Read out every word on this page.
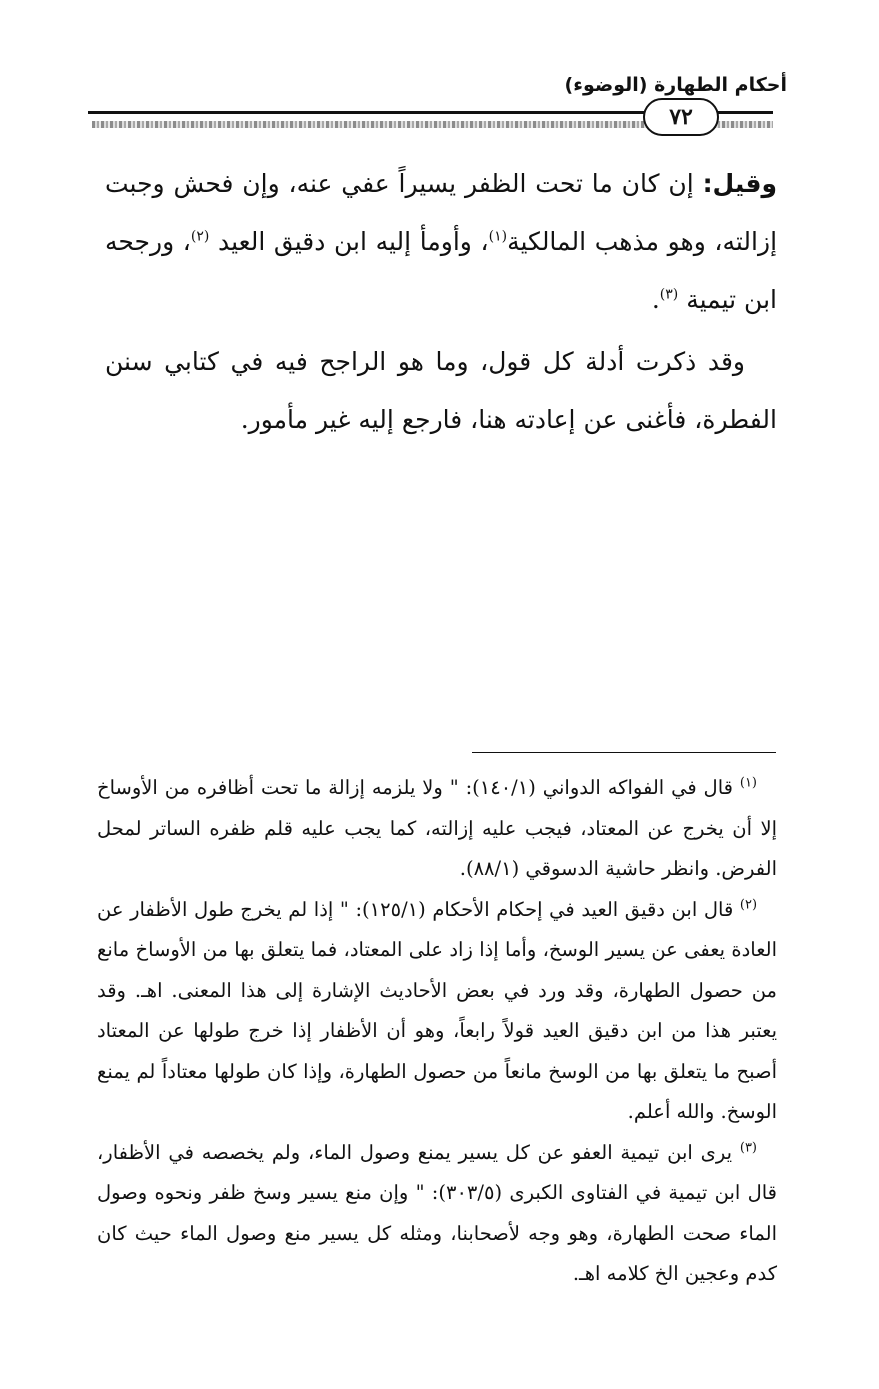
أحكام الطهارة (الوضوء)
٧٢

وقيل: إن كان ما تحت الظفر يسيراً عفي عنه، وإن فحش وجبت إزالته، وهو مذهب المالكية$^{(١)}$، وأومأ إليه ابن دقيق العيد $^{(٢)}$، ورجحه ابن تيمية $^{(٣)}$.

وقد ذكرت أدلة كل قول، وما هو الراجح فيه في كتابي سنن الفطرة، فأغنى عن إعادته هنا، فارجع إليه غير مأمور.

$^{(١)}$ قال في الفواكه الدواني (١٤٠/١): " ولا يلزمه إزالة ما تحت أظافره من الأوساخ إلا أن يخرج عن المعتاد، فيجب عليه إزالته، كما يجب عليه قلم ظفره الساتر لمحل الفرض. وانظر حاشية الدسوقي (٨٨/١).

$^{(٢)}$ قال ابن دقيق العيد في إحكام الأحكام (١٢٥/١): " إذا لم يخرج طول الأظفار عن العادة يعفى عن يسير الوسخ، وأما إذا زاد على المعتاد، فما يتعلق بها من الأوساخ مانع من حصول الطهارة، وقد ورد في بعض الأحاديث الإشارة إلى هذا المعنى. اهـ. وقد يعتبر هذا من ابن دقيق العيد قولاً رابعاً، وهو أن الأظفار إذا خرج طولها عن المعتاد أصبح ما يتعلق بها من الوسخ مانعاً من حصول الطهارة، وإذا كان طولها معتاداً لم يمنع الوسخ. والله أعلم.

$^{(٣)}$ يرى ابن تيمية العفو عن كل يسير يمنع وصول الماء، ولم يخصصه في الأظفار، قال ابن تيمية في الفتاوى الكبرى (٣٠٣/٥): " وإن منع يسير وسخ ظفر ونحوه وصول الماء صحت الطهارة، وهو وجه لأصحابنا، ومثله كل يسير منع وصول الماء حيث كان كدم وعجين الخ كلامه اهـ.
